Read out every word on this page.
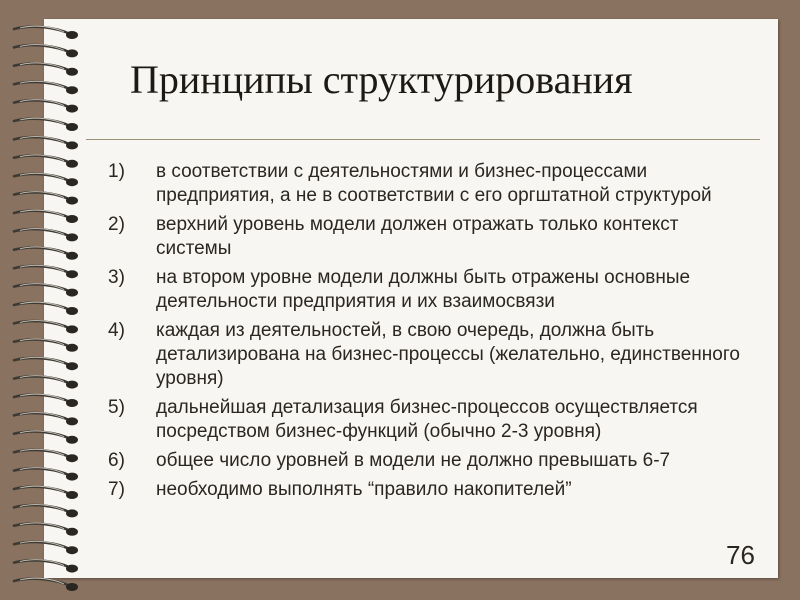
Принципы структурирования
1)	в соответствии с деятельностями и бизнес-процессами предприятия, а не в соответствии с его оргштатной структурой
2)	верхний уровень модели должен отражать только контекст системы
3)	на втором уровне модели должны быть отражены основные деятельности предприятия и их взаимосвязи
4)	каждая из деятельностей, в свою очередь, должна быть детализирована на бизнес-процессы (желательно, единственного уровня)
5)	дальнейшая детализация бизнес-процессов осуществляется посредством бизнес-функций (обычно 2-3 уровня)
6)	общее число уровней в модели не должно превышать 6-7
7)	необходимо выполнять “правило накопителей”
76
